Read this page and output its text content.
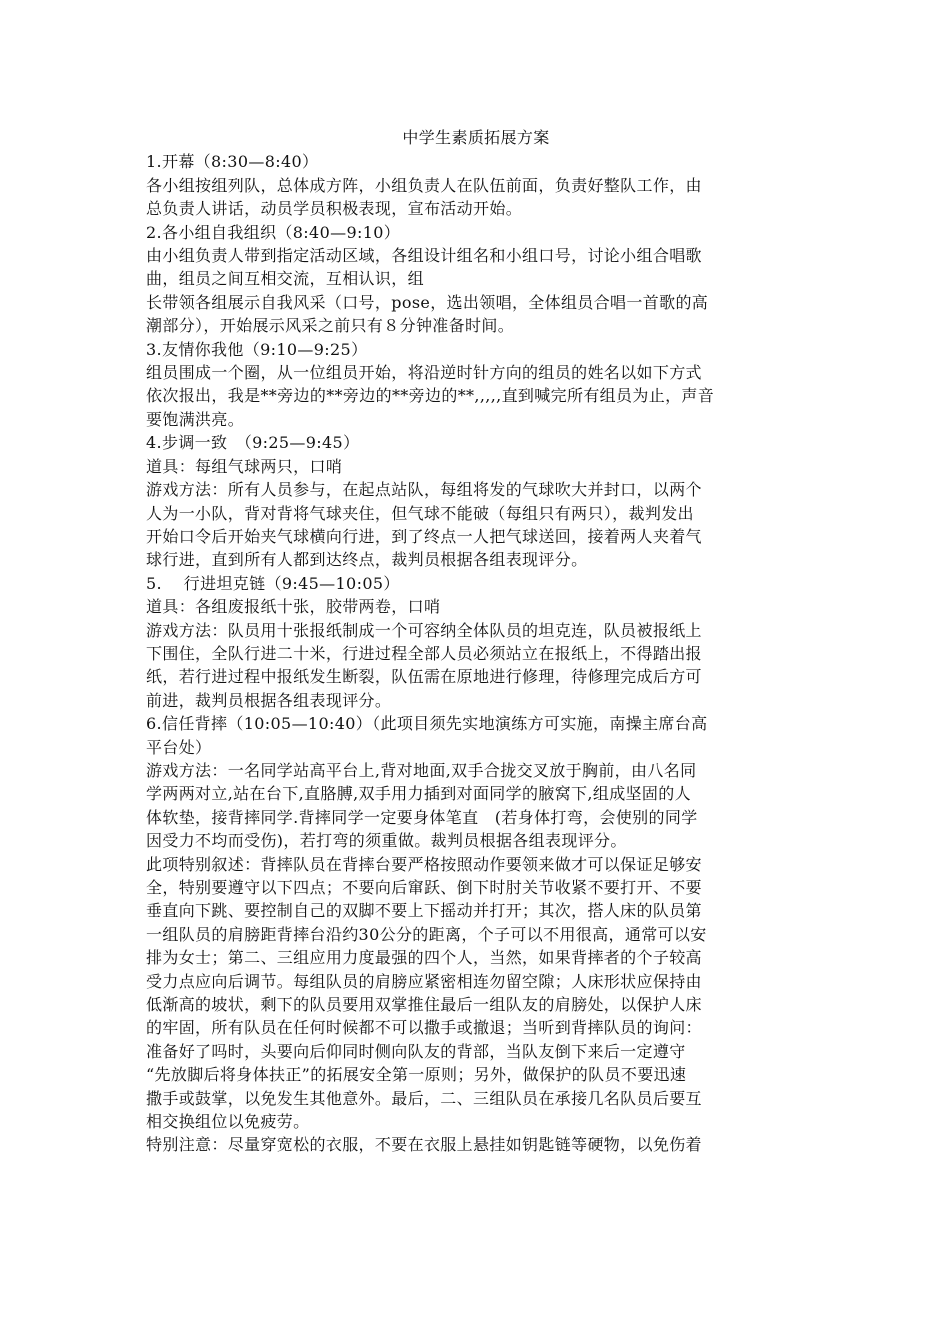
中学生素质拓展方案
1.开幕（8:30—8:40）
各小组按组列队，总体成方阵，小组负责人在队伍前面，负责好整队工作，由
总负责人讲话，动员学员积极表现，宣布活动开始。
2.各小组自我组织（8:40—9:10）
由小组负责人带到指定活动区域，各组设计组名和小组口号，讨论小组合唱歌
曲，组员之间互相交流，互相认识，组
长带领各组展示自我风采（口号，pose，选出领唱，全体组员合唱一首歌的高
潮部分），开始展示风采之前只有８分钟准备时间。
3.友情你我他（9:10—9:25）
组员围成一个圈，从一位组员开始，将沿逆时针方向的组员的姓名以如下方式
依次报出，我是**旁边的**旁边的**旁边的**,,,,,直到喊完所有组员为止，声音
要饱满洪亮。
4.步调一致　（9:25—9:45）
道具：每组气球两只，口哨
游戏方法：所有人员参与，在起点站队，每组将发的气球吹大并封口，以两个
人为一小队，背对背将气球夹住，但气球不能破（每组只有两只），裁判发出
开始口令后开始夹气球横向行进，到了终点一人把气球送回，接着两人夹着气
球行进，直到所有人都到达终点，裁判员根据各组表现评分。
5.　 行进坦克链（9:45—10:05）
道具：各组废报纸十张，胶带两卷，口哨
游戏方法：队员用十张报纸制成一个可容纳全体队员的坦克连，队员被报纸上
下围住，全队行进二十米，行进过程全部人员必须站立在报纸上，不得踏出报
纸，若行进过程中报纸发生断裂，队伍需在原地进行修理，待修理完成后方可
前进，裁判员根据各组表现评分。
6.信任背摔（10:05—10:40）（此项目须先实地演练方可实施，南操主席台高
平台处）
游戏方法：一名同学站高平台上,背对地面,双手合拢交叉放于胸前，由八名同
学两两对立,站在台下,直胳膊,双手用力插到对面同学的腋窝下,组成坚固的人
体软垫，接背摔同学.背摔同学一定要身体笔直　(若身体打弯，会使别的同学
因受力不均而受伤)，若打弯的须重做。裁判员根据各组表现评分。
此项特别叙述：背摔队员在背摔台要严格按照动作要领来做才可以保证足够安
全，特别要遵守以下四点；不要向后窜跃、倒下时肘关节收紧不要打开、不要
垂直向下跳、要控制自己的双脚不要上下摇动并打开；其次，搭人床的队员第
一组队员的肩膀距背摔台沿约30公分的距离，个子可以不用很高，通常可以安
排为女士；第二、三组应用力度最强的四个人，当然，如果背摔者的个子较高
受力点应向后调节。每组队员的肩膀应紧密相连勿留空隙；人床形状应保持由
低渐高的坡状，剩下的队员要用双掌推住最后一组队友的肩膀处，以保护人床
的牢固，所有队员在任何时候都不可以撒手或撤退；当听到背摔队员的询问：
准备好了吗时，头要向后仰同时侧向队友的背部，当队友倒下来后一定遵守
“先放脚后将身体扶正”的拓展安全第一原则；另外，做保护的队员不要迅速
撒手或鼓掌，以免发生其他意外。最后，二、三组队员在承接几名队员后要互
相交换组位以免疲劳。
特别注意：尽量穿宽松的衣服，不要在衣服上悬挂如钥匙链等硬物，以免伤着
